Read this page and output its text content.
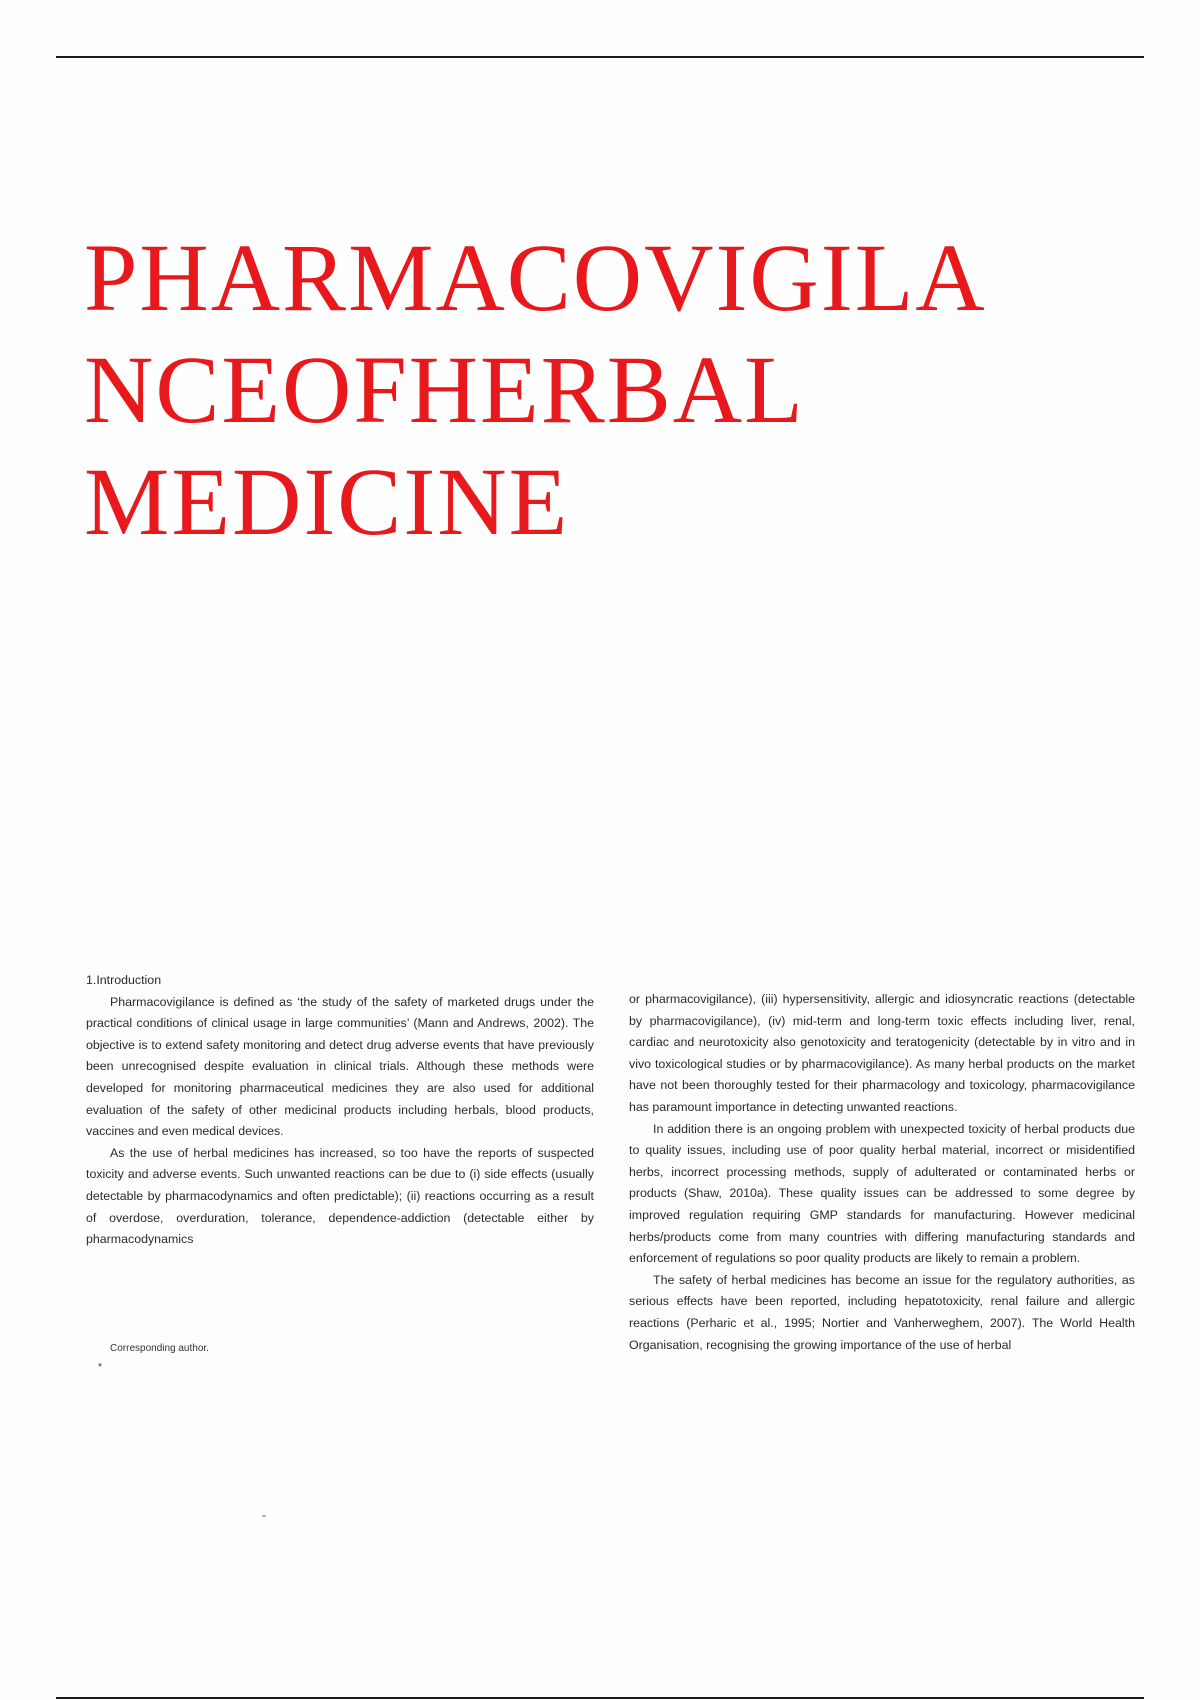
PHARMACOVIGILA
NCEOFHERBAL
MEDICINE

1.Introduction

Pharmacovigilance is defined as ‘the study of the safety of marketed drugs under the practical conditions of clinical usage in large communities’ (Mann and Andrews, 2002). The objective is to extend safety monitoring and detect drug adverse events that have previously been unrecognised despite evaluation in clinical trials. Although these methods were developed for monitoring pharmaceutical medicines they are also used for additional evaluation of the safety of other medicinal products including herbals, blood products, vaccines and even medical devices.

As the use of herbal medicines has increased, so too have the reports of suspected toxicity and adverse events. Such unwanted reactions can be due to (i) side effects (usually detectable by pharmacodynamics and often predictable); (ii) reactions occurring as a result of overdose, overduration, tolerance, dependence-addiction (detectable either by pharmacodynamics

or pharmacovigilance), (iii) hypersensitivity, allergic and idiosyncratic reactions (detectable by pharmacovigilance), (iv) mid-term and long-term toxic effects including liver, renal, cardiac and neurotoxicity also genotoxicity and teratogenicity (detectable by in vitro and in vivo toxicological studies or by pharmacovigilance). As many herbal products on the market have not been thoroughly tested for their pharmacology and toxicology, pharmacovigilance has paramount importance in detecting unwanted reactions.

In addition there is an ongoing problem with unexpected toxicity of herbal products due to quality issues, including use of poor quality herbal material, incorrect or misidentified herbs, incorrect processing methods, supply of adulterated or contaminated herbs or products (Shaw, 2010a). These quality issues can be addressed to some degree by improved regulation requiring GMP standards for manufacturing. However medicinal herbs/products come from many countries with differing manufacturing standards and enforcement of regulations so poor quality products are likely to remain a problem.

The safety of herbal medicines has become an issue for the regulatory authorities, as serious effects have been reported, including hepatotoxicity, renal failure and allergic reactions (Perharic et al., 1995; Nortier and Vanherweghem, 2007). The World Health Organisation, recognising the growing importance of the use of herbal

Corresponding author.
*
-
